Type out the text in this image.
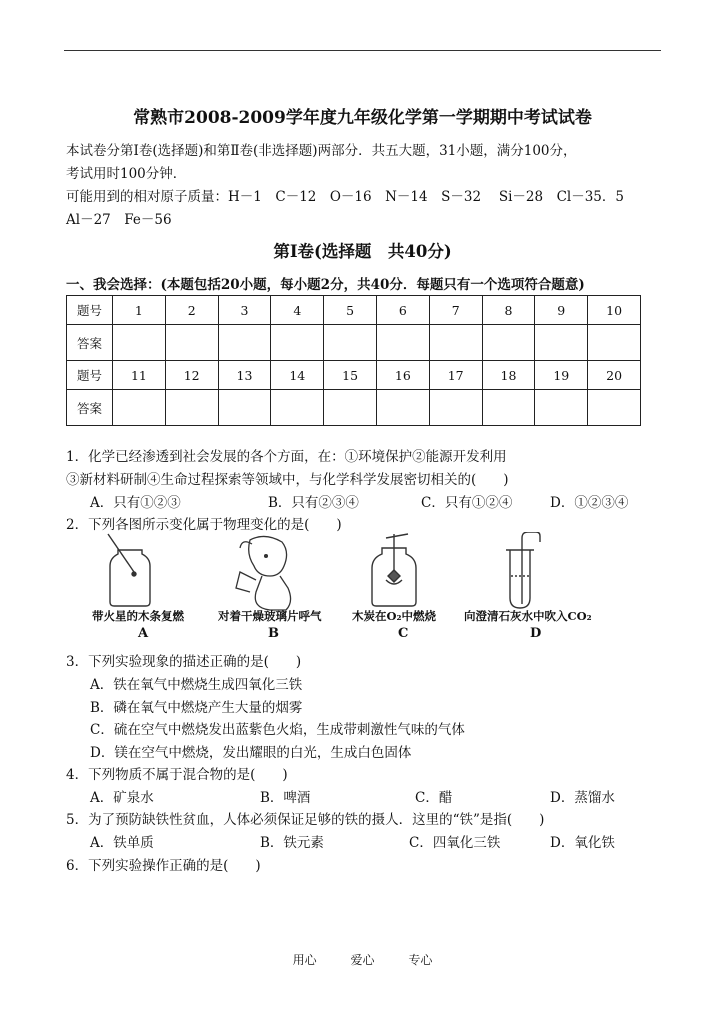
常熟市2008-2009学年度九年级化学第一学期期中考试试卷
本试卷分第Ⅰ卷(选择题)和第Ⅱ卷(非选择题)两部分．共五大题，31小题，满分100分，
考试用时100分钟．
可能用到的相对原子质量：H－1　C－12　O－16　N－14　S－32　 Si－28　Cl－35．5
Al－27　Fe－56
第Ⅰ卷(选择题　共40分)
一、我会选择：(本题包括20小题，每小题2分，共40分．每题只有一个选项符合题意)
题号	1	2	3	4	5	6	7	8	9	10
答案										
题号	11	12	13	14	15	16	17	18	19	20
答案										
1．化学已经渗透到社会发展的各个方面，在：①环境保护②能源开发利用
③新材料研制④生命过程探索等领域中，与化学科学发展密切相关的(　　)
A．只有①②③	B．只有②③④	C．只有①②④	D．①②③④
2．下列各图所示变化属于物理变化的是(　　)
带火星的木条复燃	对着干燥玻璃片呼气	木炭在O₂中燃烧 向澄清石灰水中吹入CO₂
A	B	C	D
3．下列实验现象的描述正确的是(　　)
A．铁在氧气中燃烧生成四氧化三铁
B．磷在氧气中燃烧产生大量的烟雾
C．硫在空气中燃烧发出蓝紫色火焰，生成带刺激性气味的气体
D．镁在空气中燃烧，发出耀眼的白光，生成白色固体
4．下列物质不属于混合物的是(　　)
A．矿泉水	B．啤酒	C．醋	D．蒸馏水
5．为了预防缺铁性贫血，人体必须保证足够的铁的摄人．这里的“铁”是指(　　)
A．铁单质	B．铁元素	C．四氧化三铁	D．氧化铁
6．下列实验操作正确的是(　　)
用心	爱心	专心
